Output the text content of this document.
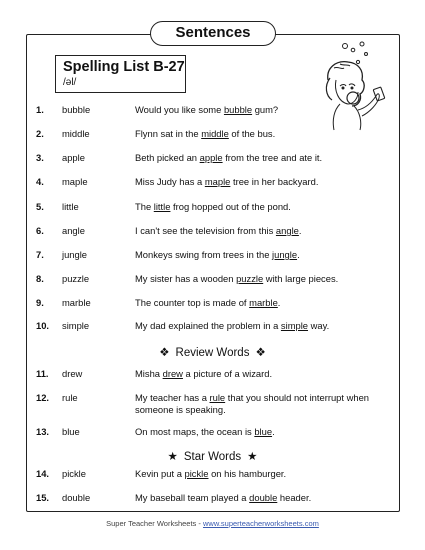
Sentences
Spelling List B-27
/əl/
1. bubble	Would you like some bubble gum?
2. middle	Flynn sat in the middle of the bus.
3. apple	Beth picked an apple from the tree and ate it.
4. maple	Miss Judy has a maple tree in her backyard.
5. little	The little frog hopped out of the pond.
6. angle	I can't see the television from this angle.
7. jungle	Monkeys swing from trees in the jungle.
8. puzzle	My sister has a wooden puzzle with large pieces.
9. marble	The counter top is made of marble.
10. simple	My dad explained the problem in a simple way.
❖ Review Words ❖
11. drew	Misha drew a picture of a wizard.
12. rule	My teacher has a rule that you should not interrupt when someone is speaking.
13. blue	On most maps, the ocean is blue.
★ Star Words ★
14. pickle	Kevin put a pickle on his hamburger.
15. double	My baseball team played a double header.
Super Teacher Worksheets - www.superteacherworksheets.com
